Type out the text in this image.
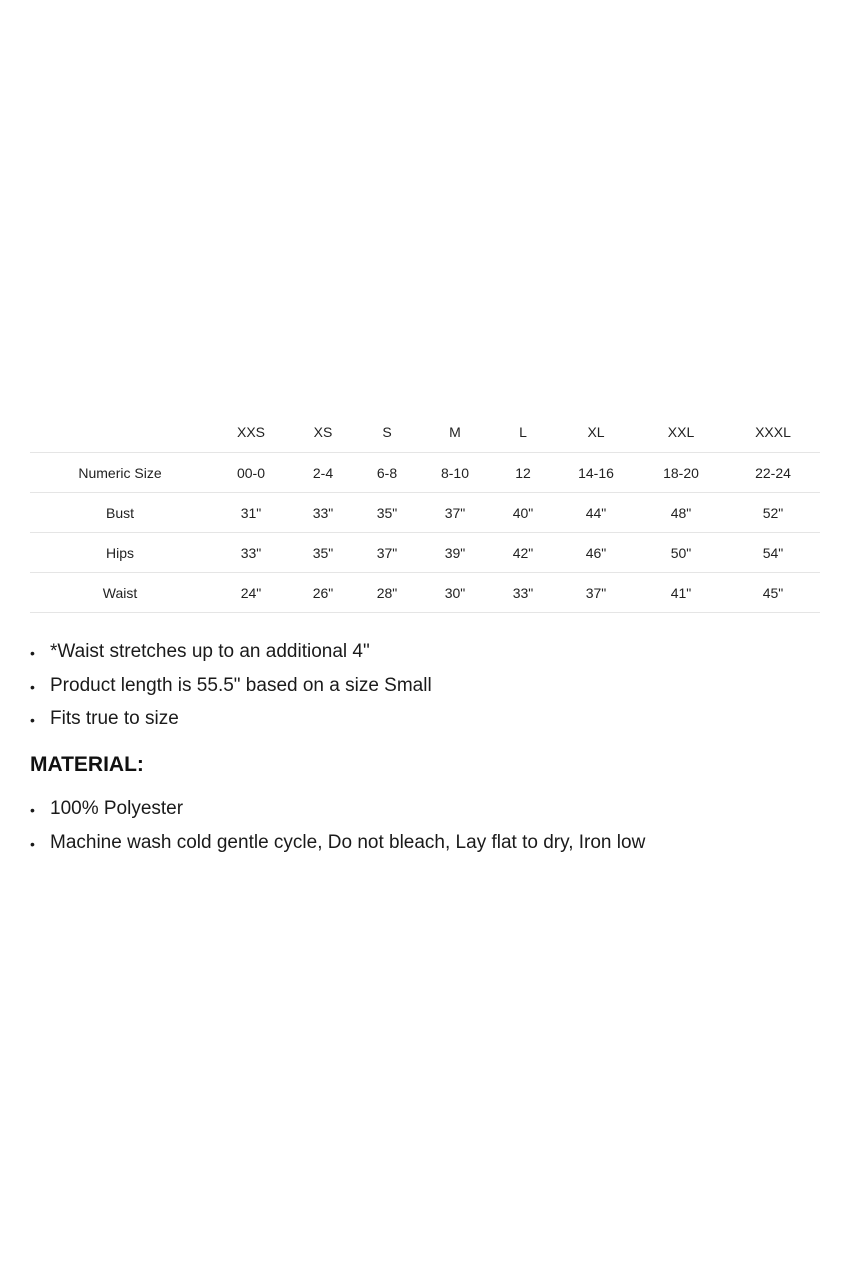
	XXS	XS	S	M	L	XL	XXL	XXXL
Numeric Size	00-0	2-4	6-8	8-10	12	14-16	18-20	22-24
Bust	31"	33"	35"	37"	40"	44"	48"	52"
Hips	33"	35"	37"	39"	42"	46"	50"	54"
Waist	24"	26"	28"	30"	33"	37"	41"	45"
• *Waist stretches up to an additional 4"
• Product length is 55.5" based on a size Small
• Fits true to size
MATERIAL:
• 100% Polyester
• Machine wash cold gentle cycle, Do not bleach, Lay flat to dry, Iron low
